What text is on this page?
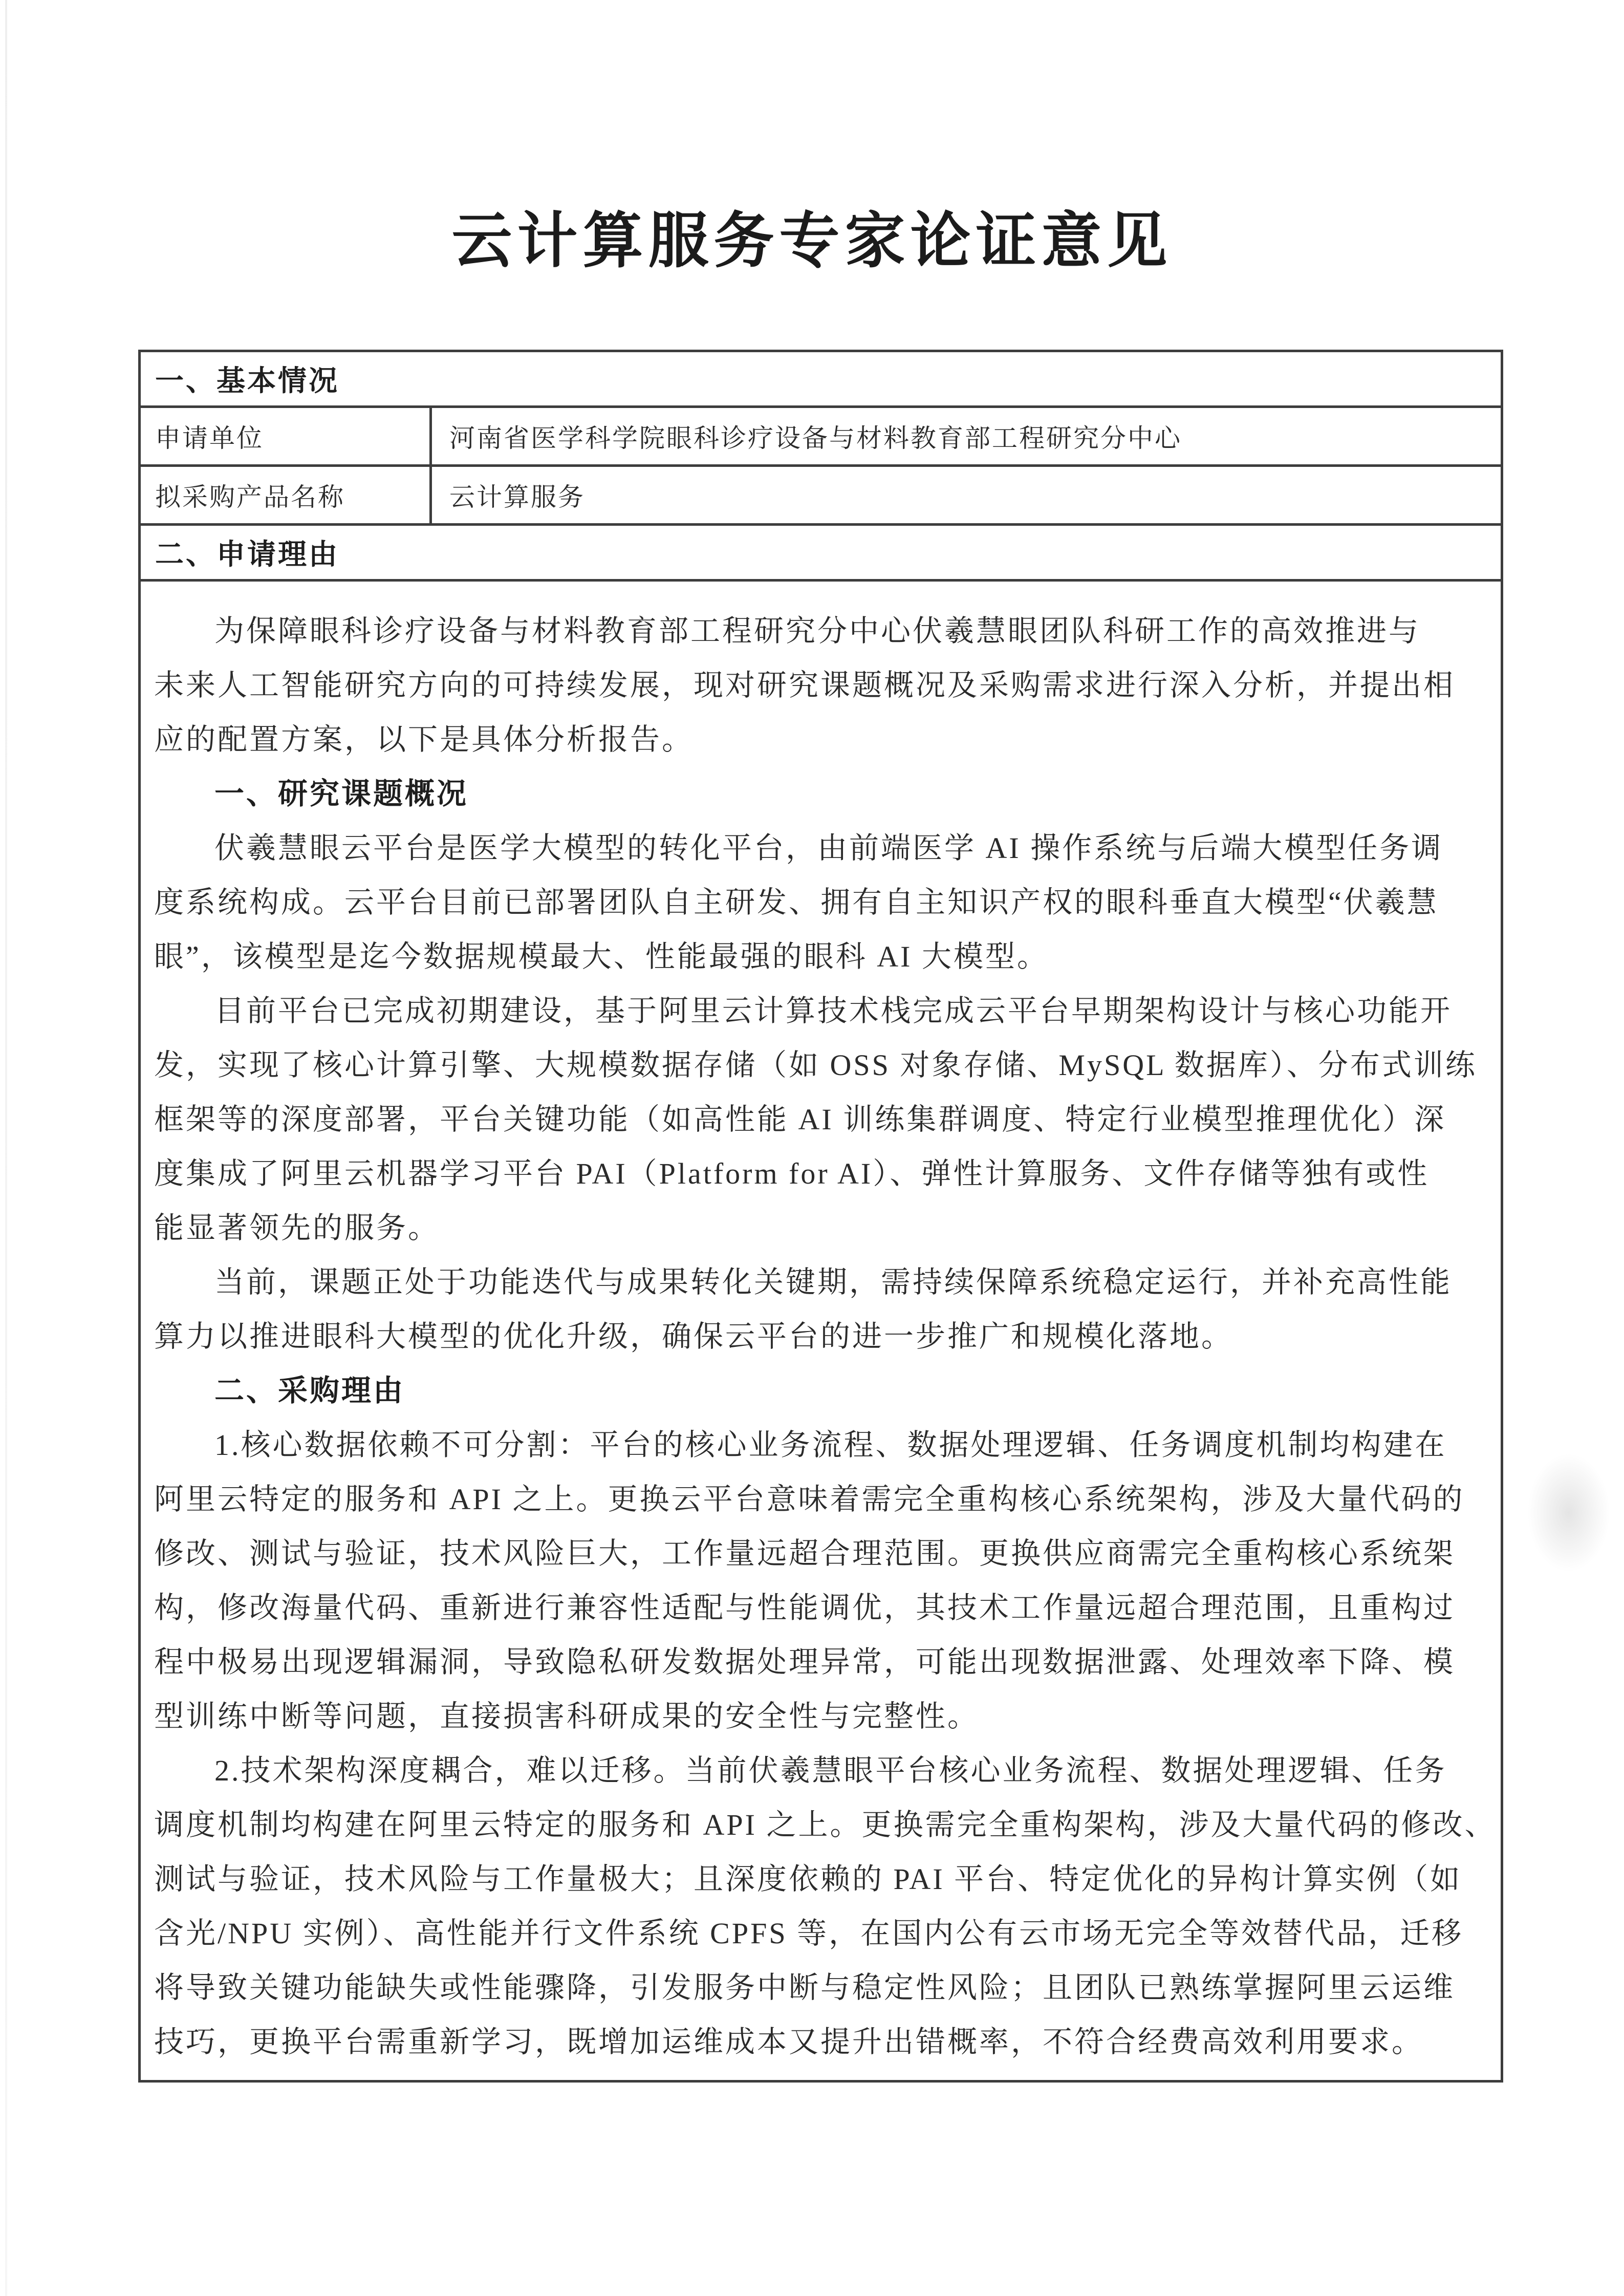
云计算服务专家论证意见
一、基本情况	
申请单位	河南省医学科学院眼科诊疗设备与材料教育部工程研究分中心
拟采购产品名称	云计算服务
二、申请理由	

为保障眼科诊疗设备与材料教育部工程研究分中心伏羲慧眼团队科研工作的高效推进与
未来人工智能研究方向的可持续发展，现对研究课题概况及采购需求进行深入分析，并提出相
应的配置方案，以下是具体分析报告。
一、研究课题概况
伏羲慧眼云平台是医学大模型的转化平台，由前端医学 AI 操作系统与后端大模型任务调
度系统构成。云平台目前已部署团队自主研发、拥有自主知识产权的眼科垂直大模型“伏羲慧
眼”，该模型是迄今数据规模最大、性能最强的眼科 AI 大模型。
目前平台已完成初期建设，基于阿里云计算技术栈完成云平台早期架构设计与核心功能开
发，实现了核心计算引擎、大规模数据存储（如 OSS 对象存储、MySQL 数据库）、分布式训练
框架等的深度部署，平台关键功能（如高性能 AI 训练集群调度、特定行业模型推理优化）深
度集成了阿里云机器学习平台 PAI（Platform for AI）、弹性计算服务、文件存储等独有或性
能显著领先的服务。
当前，课题正处于功能迭代与成果转化关键期，需持续保障系统稳定运行，并补充高性能
算力以推进眼科大模型的优化升级，确保云平台的进一步推广和规模化落地。
二、采购理由
1.核心数据依赖不可分割：平台的核心业务流程、数据处理逻辑、任务调度机制均构建在
阿里云特定的服务和 API 之上。更换云平台意味着需完全重构核心系统架构，涉及大量代码的
修改、测试与验证，技术风险巨大，工作量远超合理范围。更换供应商需完全重构核心系统架
构，修改海量代码、重新进行兼容性适配与性能调优，其技术工作量远超合理范围，且重构过
程中极易出现逻辑漏洞，导致隐私研发数据处理异常，可能出现数据泄露、处理效率下降、模
型训练中断等问题，直接损害科研成果的安全性与完整性。
2.技术架构深度耦合，难以迁移。当前伏羲慧眼平台核心业务流程、数据处理逻辑、任务
调度机制均构建在阿里云特定的服务和 API 之上。更换需完全重构架构，涉及大量代码的修改、
测试与验证，技术风险与工作量极大；且深度依赖的 PAI 平台、特定优化的异构计算实例（如
含光/NPU 实例）、高性能并行文件系统 CPFS 等，在国内公有云市场无完全等效替代品，迁移
将导致关键功能缺失或性能骤降，引发服务中断与稳定性风险；且团队已熟练掌握阿里云运维
技巧，更换平台需重新学习，既增加运维成本又提升出错概率，不符合经费高效利用要求。
